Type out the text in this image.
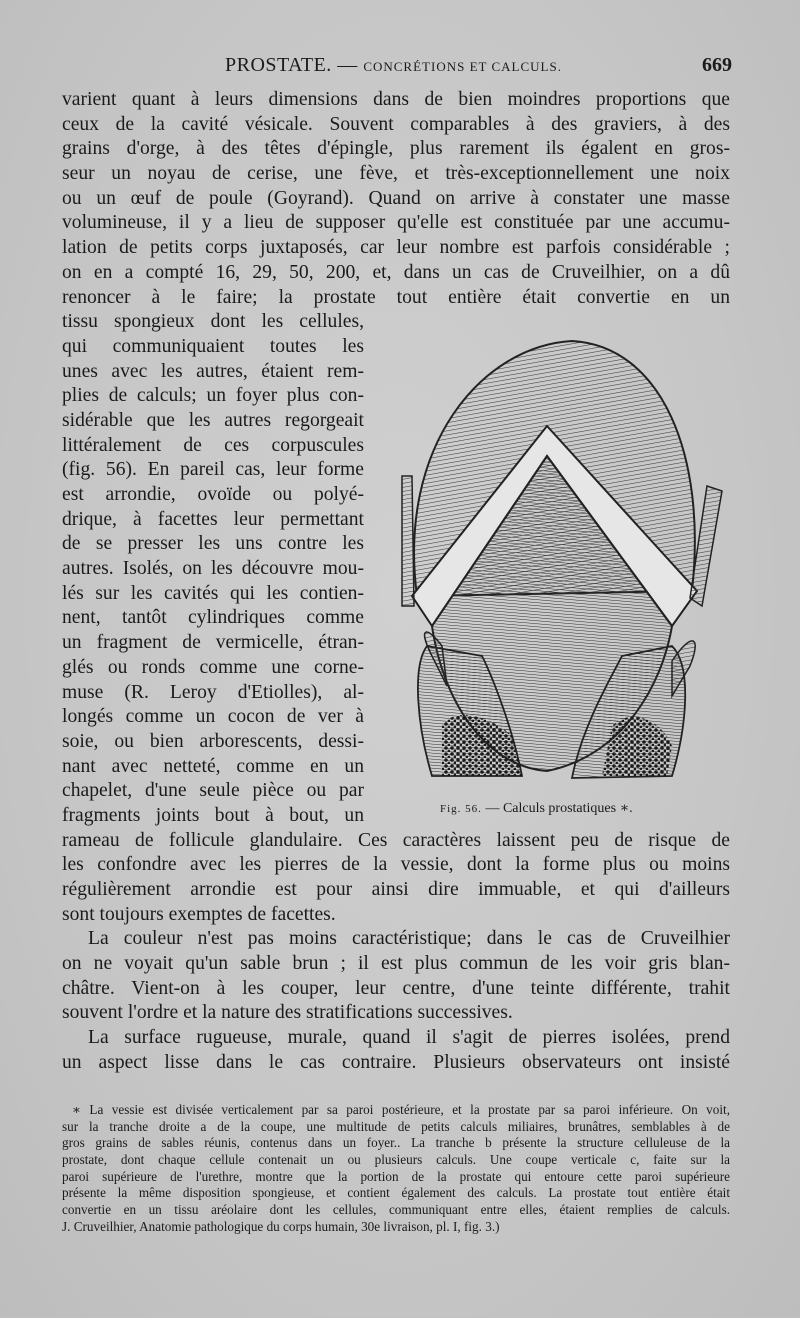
PROSTATE. — CONCRÉTIONS ET CALCULS.	669
varient quant à leurs dimensions dans de bien moindres proportions que
ceux de la cavité vésicale. Souvent comparables à des graviers, à des
grains d'orge, à des têtes d'épingle, plus rarement ils égalent en gros-
seur un noyau de cerise, une fève, et très-exceptionnellement une noix
ou un œuf de poule (Goyrand). Quand on arrive à constater une masse
volumineuse, il y a lieu de supposer qu'elle est constituée par une accumu-
lation de petits corps juxtaposés, car leur nombre est parfois considérable ;
on en a compté 16, 29, 50, 200, et, dans un cas de Cruveilhier, on a dû
renoncer à le faire; la prostate tout entière était convertie en un
tissu spongieux dont les cellules,
qui communiquaient toutes les
unes avec les autres, étaient rem-
plies de calculs; un foyer plus con-
sidérable que les autres regorgeait
littéralement de ces corpuscules
(fig. 56). En pareil cas, leur forme
est arrondie, ovoïde ou polyé-
drique, à facettes leur permettant
de se presser les uns contre les
autres. Isolés, on les découvre mou-
lés sur les cavités qui les contien-
nent, tantôt cylindriques comme
un fragment de vermicelle, étran-
glés ou ronds comme une corne-
muse (R. Leroy d'Etiolles), al-
longés comme un cocon de ver à
soie, ou bien arborescents, dessi-
nant avec netteté, comme en un
chapelet, d'une seule pièce ou par
fragments joints bout à bout, un
rameau de follicule glandulaire. Ces caractères laissent peu de risque de
les confondre avec les pierres de la vessie, dont la forme plus ou moins
régulièrement arrondie est pour ainsi dire immuable, et qui d'ailleurs
sont toujours exemptes de facettes.
La couleur n'est pas moins caractéristique; dans le cas de Cruveilhier
on ne voyait qu'un sable brun ; il est plus commun de les voir gris blan-
châtre. Vient-on à les couper, leur centre, d'une teinte différente, trahit
souvent l'ordre et la nature des stratifications successives.
La surface rugueuse, murale, quand il s'agit de pierres isolées, prend
un aspect lisse dans le cas contraire. Plusieurs observateurs ont insisté
Fig. 56. — Calculs prostatiques ∗.
∗ La vessie est divisée verticalement par sa paroi postérieure, et la prostate par sa paroi inférieure. On voit,
sur la tranche droite a de la coupe, une multitude de petits calculs miliaires, brunâtres, semblables à de
gros grains de sables réunis, contenus dans un foyer.. La tranche b présente la structure celluleuse de la
prostate, dont chaque cellule contenait un ou plusieurs calculs. Une coupe verticale c, faite sur la
paroi supérieure de l'urethre, montre que la portion de la prostate qui entoure cette paroi supérieure
présente la même disposition spongieuse, et contient également des calculs. La prostate tout entière était
convertie en un tissu aréolaire dont les cellules, communiquant entre elles, étaient remplies de calculs.
J. Cruveilhier, Anatomie pathologique du corps humain, 30e livraison, pl. I, fig. 3.)
